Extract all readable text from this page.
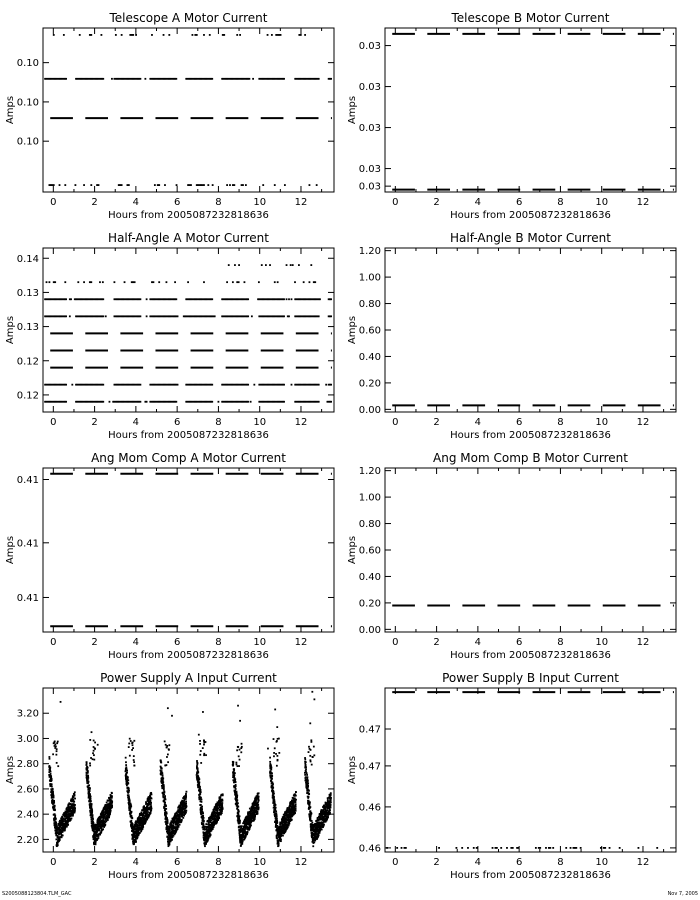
Telescope A Motor Current
Hours from 2005087232818636
Amps
0	2	4	6	8	10	12
0.10
0.10
0.10
Telescope B Motor Current
Hours from 2005087232818636
Amps
0	2	4	6	8	10	12
0.03
0.03
0.03
0.03
0.03
Half-Angle A Motor Current
Hours from 2005087232818636
Amps
0	2	4	6	8	10	12
0.14
0.13
0.13
0.12
0.12
Half-Angle B Motor Current
Hours from 2005087232818636
Amps
0	2	4	6	8	10	12
1.20
1.00
0.80
0.60
0.40
0.20
0.00
Ang Mom Comp A Motor Current
Hours from 2005087232818636
Amps
0	2	4	6	8	10	12
0.41
0.41
0.41
Ang Mom Comp B Motor Current
Hours from 2005087232818636
Amps
0	2	4	6	8	10	12
1.20
1.00
0.80
0.60
0.40
0.20
0.00
Power Supply A Input Current
Hours from 2005087232818636
Amps
0	2	4	6	8	10	12
3.20
3.00
2.80
2.60
2.40
2.20
Power Supply B Input Current
Hours from 2005087232818636
Amps
0	2	4	6	8	10	12
0.47
0.47
0.46
0.46
S2005088123804.TLM_GAC	Nov 7, 2005
